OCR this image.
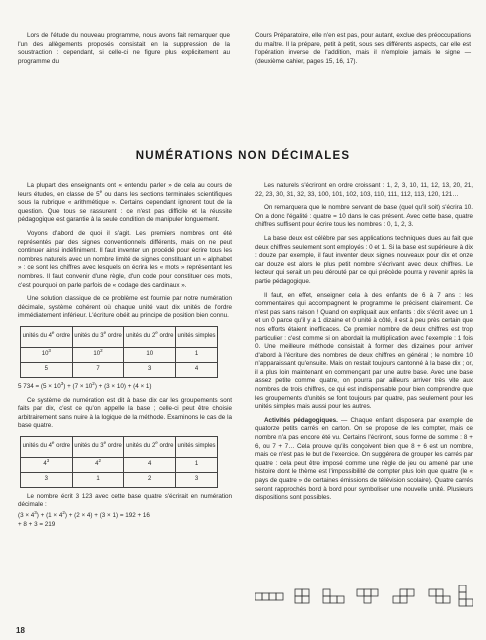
Lors de l'étude du nouveau programme, nous avons fait remarquer que l'un des allègements proposés consistait en la suppression de la soustraction : cependant, si celle-ci ne figure plus explicitement au programme du

Cours Préparatoire, elle n'en est pas, pour autant, exclue des préoccupations du maître. Il la prépare, petit à petit, sous ses différents aspects, car elle est l'opération inverse de l'addition, mais il n'emploie jamais le signe — (deuxième cahier, pages 15, 16, 17).

NUMÉRATIONS NON DÉCIMALES

La plupart des enseignants ont « entendu parler » de cela au cours de leurs études, en classe de 5e ou dans les sections terminales scientifiques sous la rubrique « arithmétique ». Certains cependant ignorent tout de la question. Que tous se rassurent : ce n'est pas difficile et la réussite pédagogique est garantie à la seule condition de manipuler longuement.

Voyons d'abord de quoi il s'agit. Les premiers nombres ont été représentés par des signes conventionnels différents, mais on ne peut continuer ainsi indéfiniment. Il faut inventer un procédé pour écrire tous les nombres naturels avec un nombre limité de signes constituant un « alphabet » : ce sont les chiffres avec lesquels on écrira les « mots » représentant les nombres. Il faut convenir d'une règle, d'un code pour constituer ces mots, c'est pourquoi on parle parfois de « codage des cardinaux ».

Une solution classique de ce problème est fournie par notre numération décimale, système cohérent où chaque unité vaut dix unités de l'ordre immédiatement inférieur. L'écriture obéit au principe de position bien connu.

unités du 4e ordre	unités du 3e ordre	unités du 2e ordre	unités simples
$10^3$	$10^2$	10	1
5	7	3	4

5 $734 = (5 \times 10^3) + (7 \times 10^2) + (3 \times 10) + (4 \times 1)$

Ce système de numération est dit à base dix car les groupements sont faits par dix, c'est ce qu'on appelle la base ; celle-ci peut être choisie arbitrairement sans nuire à la logique de la méthode. Examinons le cas de la base quatre.

unités du 4e ordre	unités du 3e ordre	unités du 2e ordre	unités simples
$4^3$	$4^2$	4	1
3	1	2	3

Le nombre écrit 3 123 avec cette base quatre s'écrirait en numération décimale :

$(3 \times 4^3) + (1 \times 4^2) + (2 \times 4) + (3 \times 1) = 192 + 16$

+ 8 + 3 = 219

Les naturels s'écriront en ordre croissant : 1, 2, 3, 10, 11, 12, 13, 20, 21, 22, 23, 30, 31, 32, 33, 100, 101, 102, 103, 110, 111, 112, 113, 120, 121…

On remarquera que le nombre servant de base (quel qu'il soit) s'écrira 10. On a donc l'égalité : quatre = 10 dans le cas présent. Avec cette base, quatre chiffres suffisent pour écrire tous les nombres : 0, 1, 2, 3.

La base deux est célèbre par ses applications techniques dues au fait que deux chiffres seulement sont employés : 0 et 1. Si la base est supérieure à dix : douze par exemple, il faut inventer deux signes nouveaux pour dix et onze car douze est alors le plus petit nombre s'écrivant avec deux chiffres. Le lecteur qui serait un peu dérouté par ce qui précède pourra y revenir après la partie pédagogique.

Il faut, en effet, enseigner cela à des enfants de 6 à 7 ans : les commentaires qui accompagnent le programme le précisent clairement. Ce n'est pas sans raison ! Quand on expliquait aux enfants : dix s'écrit avec un 1 et un 0 parce qu'il y a 1 dizaine et 0 unité à côté, il est à peu près certain que nos efforts étaient inefficaces. Ce premier nombre de deux chiffres est trop particulier : c'est comme si on abordait la multiplication avec l'exemple : 1 fois 0. Une meilleure méthode consistait à former des dizaines pour arriver d'abord à l'écriture des nombres de deux chiffres en général ; le nombre 10 n'apparaissant qu'ensuite. Mais on restait toujours cantonné à la base dix ; or, il a plus loin maintenant en commençant par une autre base. Avec une base assez petite comme quatre, on pourra par ailleurs arriver très vite aux nombres de trois chiffres, ce qui est indispensable pour bien comprendre que les groupements d'unités se font toujours par quatre, pas seulement pour les unités simples mais aussi pour les autres.

Activités pédagogiques. — Chaque enfant disposera par exemple de quatorze petits carrés en carton. On se propose de les compter, mais ce nombre n'a pas encore été vu. Certains l'écriront, sous forme de somme : 8 + 6, ou 7 + 7… Cela prouve qu'ils conçoivent bien que 8 + 6 est un nombre, mais ce n'est pas le but de l'exercice. On suggérera de grouper les carrés par quatre : cela peut être imposé comme une règle de jeu ou amené par une histoire dont le thème est l'impossibilité de compter plus loin que quatre (le « pays de quatre » de certaines émissions de télévision scolaire). Quatre carrés seront rapprochés bord à bord pour symboliser une nouvelle unité. Plusieurs dispositions sont possibles.

18
